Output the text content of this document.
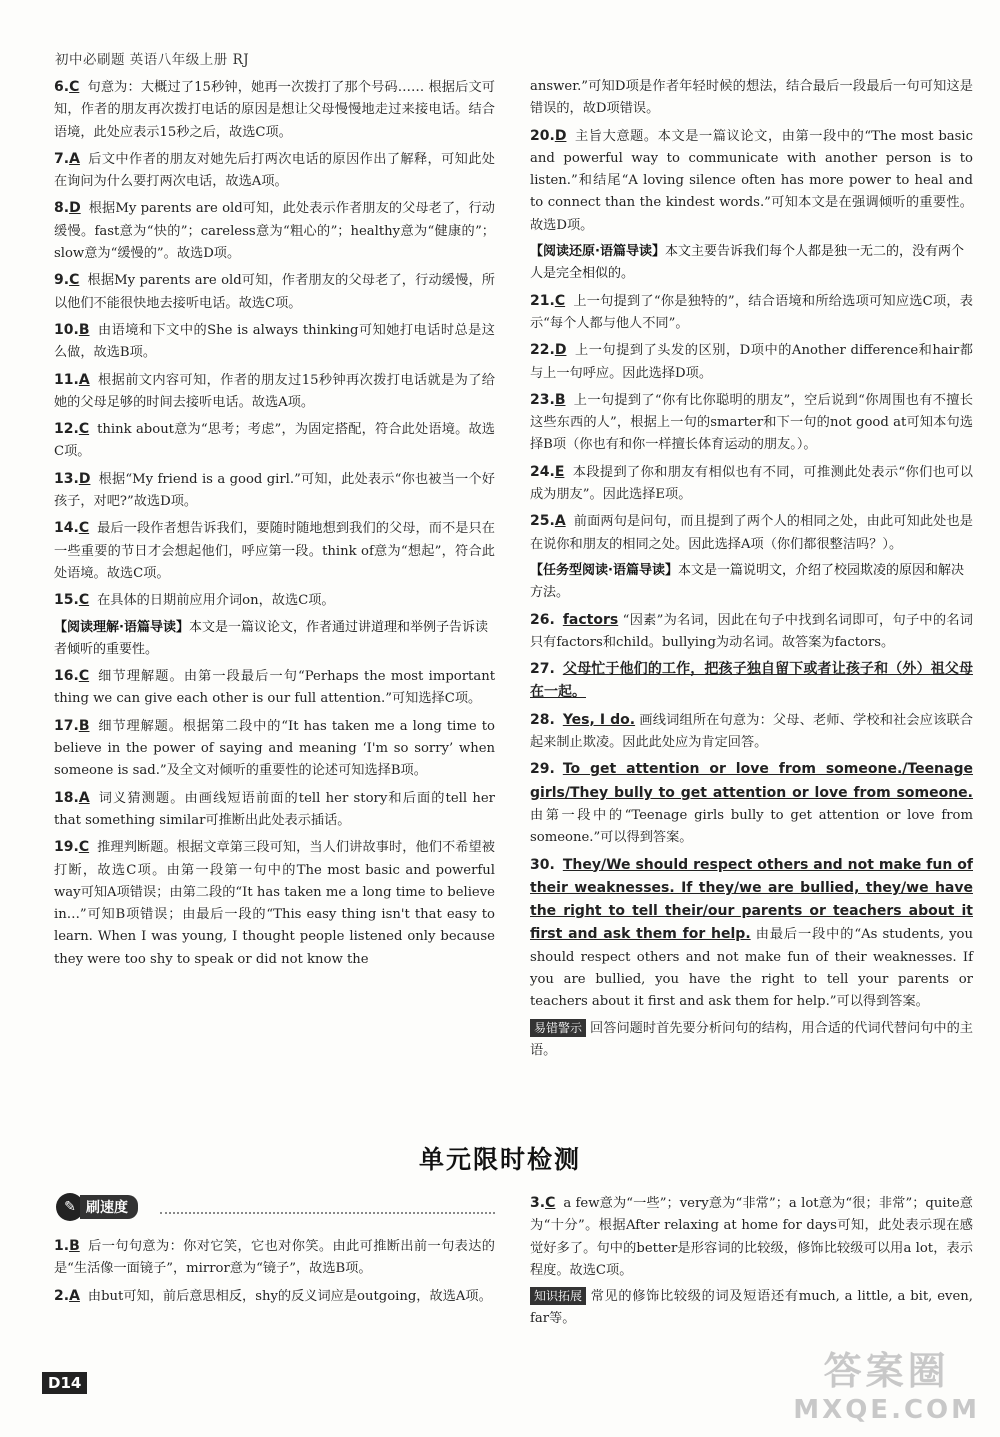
初中必刷题 英语八年级上册 RJ

6.C 句意为：大概过了15秒钟，她再一次拨打了那个号码…… 根据后文可知，作者的朋友再次拨打电话的原因是想让父母慢慢地走过来接电话。结合语境，此处应表示15秒之后，故选C项。

7.A 后文中作者的朋友对她先后打两次电话的原因作出了解释，可知此处在询问为什么要打两次电话，故选A项。

8.D 根据My parents are old可知，此处表示作者朋友的父母老了，行动缓慢。fast意为“快的”；careless意为“粗心的”；healthy意为“健康的”；slow意为“缓慢的”。故选D项。

9.C 根据My parents are old可知，作者朋友的父母老了，行动缓慢，所以他们不能很快地去接听电话。故选C项。

10.B 由语境和下文中的She is always thinking可知她打电话时总是这么做，故选B项。

11.A 根据前文内容可知，作者的朋友过15秒钟再次拨打电话就是为了给她的父母足够的时间去接听电话。故选A项。

12.C think about意为“思考；考虑”，为固定搭配，符合此处语境。故选C项。

13.D 根据“My friend is a good girl.”可知，此处表示“你也被当一个好孩子，对吧?”故选D项。

14.C 最后一段作者想告诉我们，要随时随地想到我们的父母，而不是只在一些重要的节日才会想起他们，呼应第一段。think of意为“想起”，符合此处语境。故选C项。

15.C 在具体的日期前应用介词on，故选C项。

【阅读理解·语篇导读】本文是一篇议论文，作者通过讲道理和举例子告诉读者倾听的重要性。

16.C 细节理解题。由第一段最后一句“Perhaps the most important thing we can give each other is our full attention.”可知选择C项。

17.B 细节理解题。根据第二段中的“It has taken me a long time to believe in the power of saying and meaning ‘I'm so sorry’ when someone is sad.”及全文对倾听的重要性的论述可知选择B项。

18.A 词义猜测题。由画线短语前面的tell her story和后面的tell her that something similar可推断出此处表示插话。

19.C 推理判断题。根据文章第三段可知，当人们讲故事时，他们不希望被打断，故选C项。由第一段第一句中的The most basic and powerful way可知A项错误；由第二段的“It has taken me a long time to believe in…”可知B项错误；由最后一段的“This easy thing isn't that easy to learn. When I was young, I thought people listened only because they were too shy to speak or did not know the

answer.”可知D项是作者年轻时候的想法，结合最后一段最后一句可知这是错误的，故D项错误。

20.D 主旨大意题。本文是一篇议论文，由第一段中的“The most basic and powerful way to communicate with another person is to listen.”和结尾“A loving silence often has more power to heal and to connect than the kindest words.”可知本文是在强调倾听的重要性。故选D项。

【阅读还原·语篇导读】本文主要告诉我们每个人都是独一无二的，没有两个人是完全相似的。

21.C 上一句提到了“你是独特的”，结合语境和所给选项可知应选C项，表示“每个人都与他人不同”。

22.D 上一句提到了头发的区别，D项中的Another difference和hair都与上一句呼应。因此选择D项。

23.B 上一句提到了“你有比你聪明的朋友”，空后说到“你周围也有不擅长这些东西的人”，根据上一句的smarter和下一句的not good at可知本句选择B项（你也有和你一样擅长体育运动的朋友。）。

24.E 本段提到了你和朋友有相似也有不同，可推测此处表示“你们也可以成为朋友”。因此选择E项。

25.A 前面两句是问句，而且提到了两个人的相同之处，由此可知此处也是在说你和朋友的相同之处。因此选择A项（你们都很整洁吗？）。

【任务型阅读·语篇导读】本文是一篇说明文，介绍了校园欺凌的原因和解决方法。

26. factors “因素”为名词，因此在句子中找到名词即可，句子中的名词只有factors和child。bullying为动名词。故答案为factors。

27. 父母忙于他们的工作，把孩子独自留下或者让孩子和（外）祖父母在一起。

28. Yes, I do. 画线词组所在句意为：父母、老师、学校和社会应该联合起来制止欺凌。因此此处应为肯定回答。

29. To get attention or love from someone./Teenage girls/They bully to get attention or love from someone. 由第一段中的“Teenage girls bully to get attention or love from someone.”可以得到答案。

30. They/We should respect others and not make fun of their weaknesses. If they/we are bullied, they/we have the right to tell their/our parents or teachers about it first and ask them for help. 由最后一段中的“As students, you should respect others and not make fun of their weaknesses. If you are bullied, you have the right to tell your parents or teachers about it first and ask them for help.”可以得到答案。

易错警示 回答问题时首先要分析问句的结构，用合适的代词代替问句中的主语。

单元限时检测
✎ 刷速度

1.B 后一句句意为：你对它笑，它也对你笑。由此可推断出前一句表达的是“生活像一面镜子”，mirror意为“镜子”，故选B项。

2.A 由but可知，前后意思相反，shy的反义词应是outgoing，故选A项。

3.C a few意为“一些”；very意为“非常”；a lot意为“很；非常”；quite意为“十分”。根据After relaxing at home for days可知，此处表示现在感觉好多了。句中的better是形容词的比较级，修饰比较级可以用a lot，表示程度。故选C项。

知识拓展 常见的修饰比较级的词及短语还有much, a little, a bit, even, far等。

D14	答案圈
MXQE.COM
